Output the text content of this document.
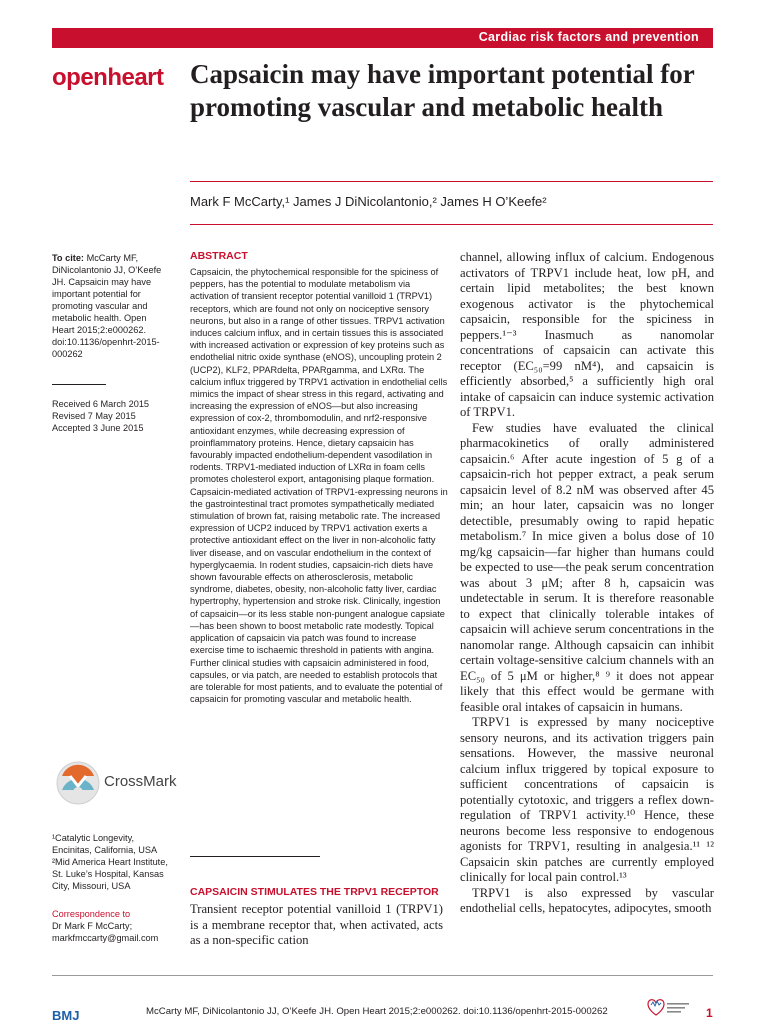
Cardiac risk factors and prevention
openheart Capsaicin may have important potential for promoting vascular and metabolic health
Mark F McCarty,¹ James J DiNicolantonio,² James H O’Keefe²
To cite: McCarty MF, DiNicolantonio JJ, O’Keefe JH. Capsaicin may have important potential for promoting vascular and metabolic health. Open Heart 2015;2:e000262. doi:10.1136/openhrt-2015-000262
Received 6 March 2015
Revised 7 May 2015
Accepted 3 June 2015
CrossMark
¹Catalytic Longevity, Encinitas, California, USA
²Mid America Heart Institute, St. Luke’s Hospital, Kansas City, Missouri, USA
Correspondence to
Dr Mark F McCarty;
markfmccarty@gmail.com
ABSTRACT

Capsaicin, the phytochemical responsible for the spiciness of peppers, has the potential to modulate metabolism via activation of transient receptor potential vanilloid 1 (TRPV1) receptors, which are found not only on nociceptive sensory neurons, but also in a range of other tissues. TRPV1 activation induces calcium influx, and in certain tissues this is associated with increased activation or expression of key proteins such as endothelial nitric oxide synthase (eNOS), uncoupling protein 2 (UCP2), KLF2, PPARdelta, PPARgamma, and LXRα. The calcium influx triggered by TRPV1 activation in endothelial cells mimics the impact of shear stress in this regard, activating and increasing the expression of eNOS—but also increasing expression of cox-2, thrombomodulin, and nrf2-responsive antioxidant enzymes, while decreasing expression of proinflammatory proteins. Hence, dietary capsaicin has favourably impacted endothelium-dependent vasodilation in rodents. TRPV1-mediated induction of LXRα in foam cells promotes cholesterol export, antagonising plaque formation. Capsaicin-mediated activation of TRPV1-expressing neurons in the gastrointestinal tract promotes sympathetically mediated stimulation of brown fat, raising metabolic rate. The increased expression of UCP2 induced by TRPV1 activation exerts a protective antioxidant effect on the liver in non-alcoholic fatty liver disease, and on vascular endothelium in the context of hyperglycaemia. In rodent studies, capsaicin-rich diets have shown favourable effects on atherosclerosis, metabolic syndrome, diabetes, obesity, non-alcoholic fatty liver, cardiac hypertrophy, hypertension and stroke risk. Clinically, ingestion of capsaicin—or its less stable non-pungent analogue capsiate—has been shown to boost metabolic rate modestly. Topical application of capsaicin via patch was found to increase exercise time to ischaemic threshold in patients with angina. Further clinical studies with capsaicin administered in food, capsules, or via patch, are needed to establish protocols that are tolerable for most patients, and to evaluate the potential of capsaicin for promoting vascular and metabolic health.

CAPSAICIN STIMULATES THE TRPV1 RECEPTOR

Transient receptor potential vanilloid 1 (TRPV1) is a membrane receptor that, when activated, acts as a non-specific cation

channel, allowing influx of calcium. Endogenous activators of TRPV1 include heat, low pH, and certain lipid metabolites; the best known exogenous activator is the phytochemical capsaicin, responsible for the spiciness in peppers.¹⁻³ Inasmuch as nanomolar concentrations of capsaicin can activate this receptor (EC₅₀=99 nM⁴), and capsaicin is efficiently absorbed,⁵ a sufficiently high oral intake of capsaicin can induce systemic activation of TRPV1.

Few studies have evaluated the clinical pharmacokinetics of orally administered capsaicin.⁶ After acute ingestion of 5 g of a capsaicin-rich hot pepper extract, a peak serum capsaicin level of 8.2 nM was observed after 45 min; an hour later, capsaicin was no longer detectible, presumably owing to rapid hepatic metabolism.⁷ In mice given a bolus dose of 10 mg/kg capsaicin—far higher than humans could be expected to use—the peak serum concentration was about 3 μM; after 8 h, capsaicin was undetectable in serum. It is therefore reasonable to expect that clinically tolerable intakes of capsaicin will achieve serum concentrations in the nanomolar range. Although capsaicin can inhibit certain voltage-sensitive calcium channels with an EC₅₀ of 5 μM or higher,⁸ ⁹ it does not appear likely that this effect would be germane with feasible oral intakes of capsaicin in humans.

TRPV1 is expressed by many nociceptive sensory neurons, and its activation triggers pain sensations. However, the massive neuronal calcium influx triggered by topical exposure to sufficient concentrations of capsaicin is potentially cytotoxic, and triggers a reflex down-regulation of TRPV1 activity.¹⁰ Hence, these neurons become less responsive to endogenous agonists for TRPV1, resulting in analgesia.¹¹ ¹² Capsaicin skin patches are currently employed clinically for local pain control.¹³

TRPV1 is also expressed by vascular endothelial cells, hepatocytes, adipocytes, smooth

BMJ	McCarty MF, DiNicolantonio JJ, O’Keefe JH. Open Heart 2015;2:e000262. doi:10.1136/openhrt-2015-000262	1
